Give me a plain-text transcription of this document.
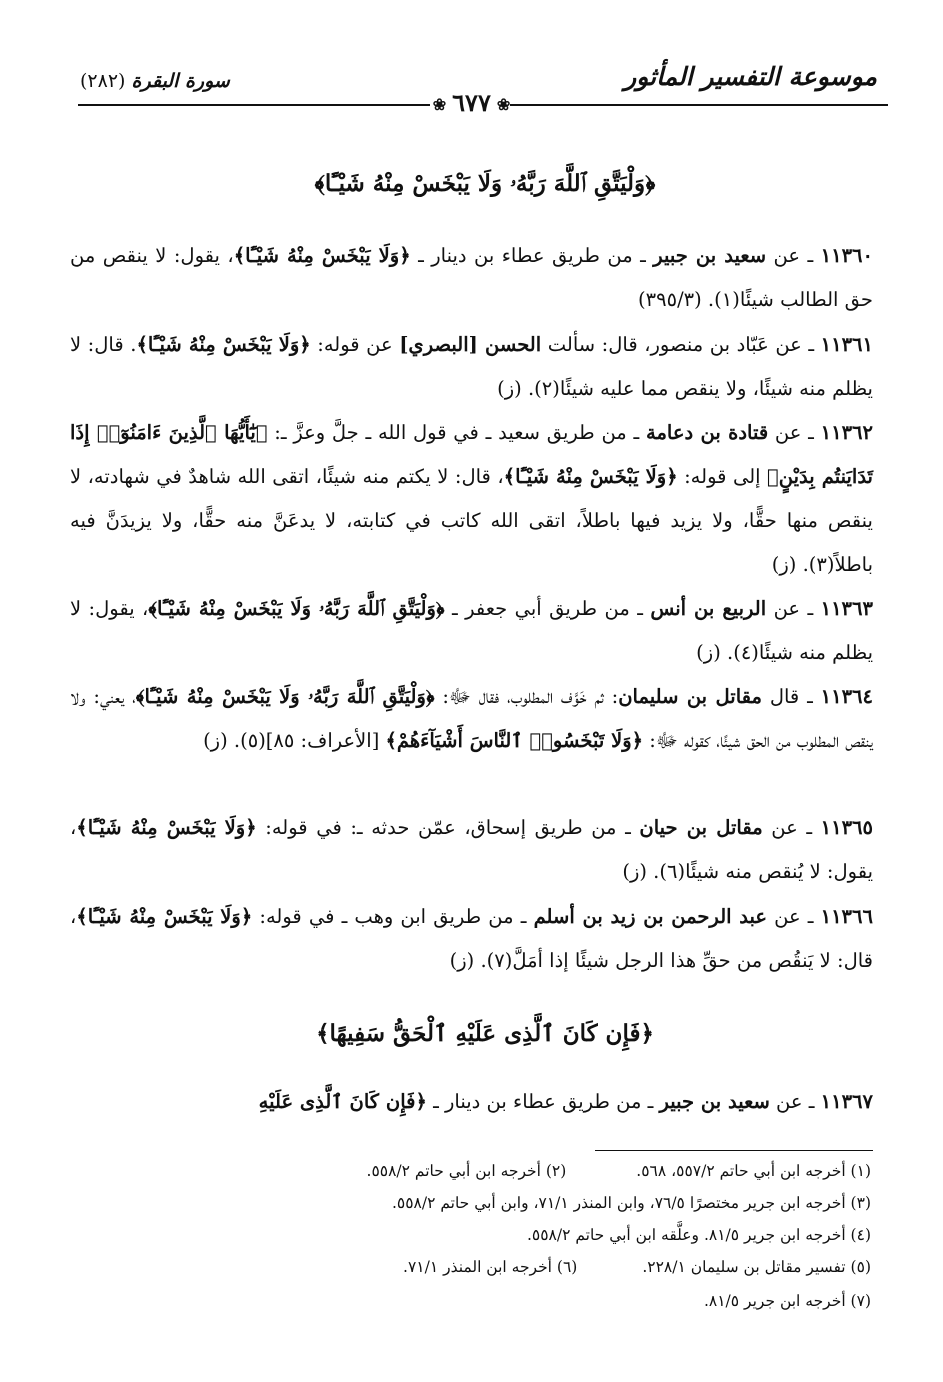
موسوعة التفسير المأثور
سورة البقرة (٢٨٢)
❀٦٧٧❀
﴿وَلْيَتَّقِ ٱللَّهَ رَبَّهُۥ وَلَا يَبْخَسْ مِنْهُ شَيْـًٔا﴾
١١٣٦٠ ـ عن سعيد بن جبير ـ من طريق عطاء بن دينار ـ ﴿وَلَا يَبْخَسْ مِنْهُ شَيْـًٔا﴾، يقول: لا ينقص من حق الطالب شيئًا(١). (٣٩٥/٣)
١١٣٦١ ـ عن عَبّاد بن منصور، قال: سألت الحسن [البصري] عن قوله: ﴿وَلَا يَبْخَسْ مِنْهُ شَيْـًٔا﴾. قال: لا يظلم منه شيئًا، ولا ينقص مما عليه شيئًا(٢). (ز)
١١٣٦٢ ـ عن قتادة بن دعامة ـ من طريق سعيد ـ في قول الله ـ جلَّ وعزَّ ـ: ﴿يَٰٓأَيُّهَا ٱلَّذِينَ ءَامَنُوٓا۟ إِذَا تَدَايَنتُم بِدَيْنٍ﴾ إلى قوله: ﴿وَلَا يَبْخَسْ مِنْهُ شَيْـًٔا﴾، قال: لا يكتم منه شيئًا، اتقى الله شاهدٌ في شهادته، لا ينقص منها حقًّا، ولا يزيد فيها باطلاً، اتقى الله كاتب في كتابته، لا يدعَنَّ منه حقًّا، ولا يزيدَنَّ فيه باطلاً(٣). (ز)
١١٣٦٣ ـ عن الربيع بن أنس ـ من طريق أبي جعفر ـ ﴿وَلْيَتَّقِ ٱللَّهَ رَبَّهُۥ وَلَا يَبْخَسْ مِنْهُ شَيْـًٔا﴾، يقول: لا يظلم منه شيئًا(٤). (ز)
١١٣٦٤ ـ قال مقاتل بن سليمان: ثم خَوَّف المطلوب، فقال ﷻ: ﴿وَلْيَتَّقِ ٱللَّهَ رَبَّهُۥ وَلَا يَبْخَسْ مِنْهُ شَيْـًٔا﴾، يعني: ولا ينقص المطلوب من الحق شيئًا، كقوله ﷻ: ﴿وَلَا تَبْخَسُوا۟ ٱلنَّاسَ أَشْيَآءَهُمْ﴾ [الأعراف: ٨٥](٥). (ز)
١١٣٦٥ ـ عن مقاتل بن حيان ـ من طريق إسحاق، عمّن حدثه ـ: في قوله: ﴿وَلَا يَبْخَسْ مِنْهُ شَيْـًٔا﴾، يقول: لا يُنقص منه شيئًا(٦). (ز)
١١٣٦٦ ـ عن عبد الرحمن بن زيد بن أسلم ـ من طريق ابن وهب ـ في قوله: ﴿وَلَا يَبْخَسْ مِنْهُ شَيْـًٔا﴾، قال: لا يَنقُص من حقِّ هذا الرجل شيئًا إذا أمَلَّ(٧). (ز)
﴿فَإِن كَانَ ٱلَّذِى عَلَيْهِ ٱلْحَقُّ سَفِيهًا﴾
١١٣٦٧ ـ عن سعيد بن جبير ـ من طريق عطاء بن دينار ـ ﴿فَإِن كَانَ ٱلَّذِى عَلَيْهِ
(١) أخرجه ابن أبي حاتم ٥٥٧/٢، ٥٦٨.(٢) أخرجه ابن أبي حاتم ٥٥٨/٢.
(٣) أخرجه ابن جرير مختصرًا ٧٦/٥، وابن المنذر ٧١/١، وابن أبي حاتم ٥٥٨/٢.
(٤) أخرجه ابن جرير ٨١/٥. وعلَّقه ابن أبي حاتم ٥٥٨/٢.
(٥) تفسير مقاتل بن سليمان ٢٢٨/١.(٦) أخرجه ابن المنذر ٧١/١.
(٧) أخرجه ابن جرير ٨١/٥.
